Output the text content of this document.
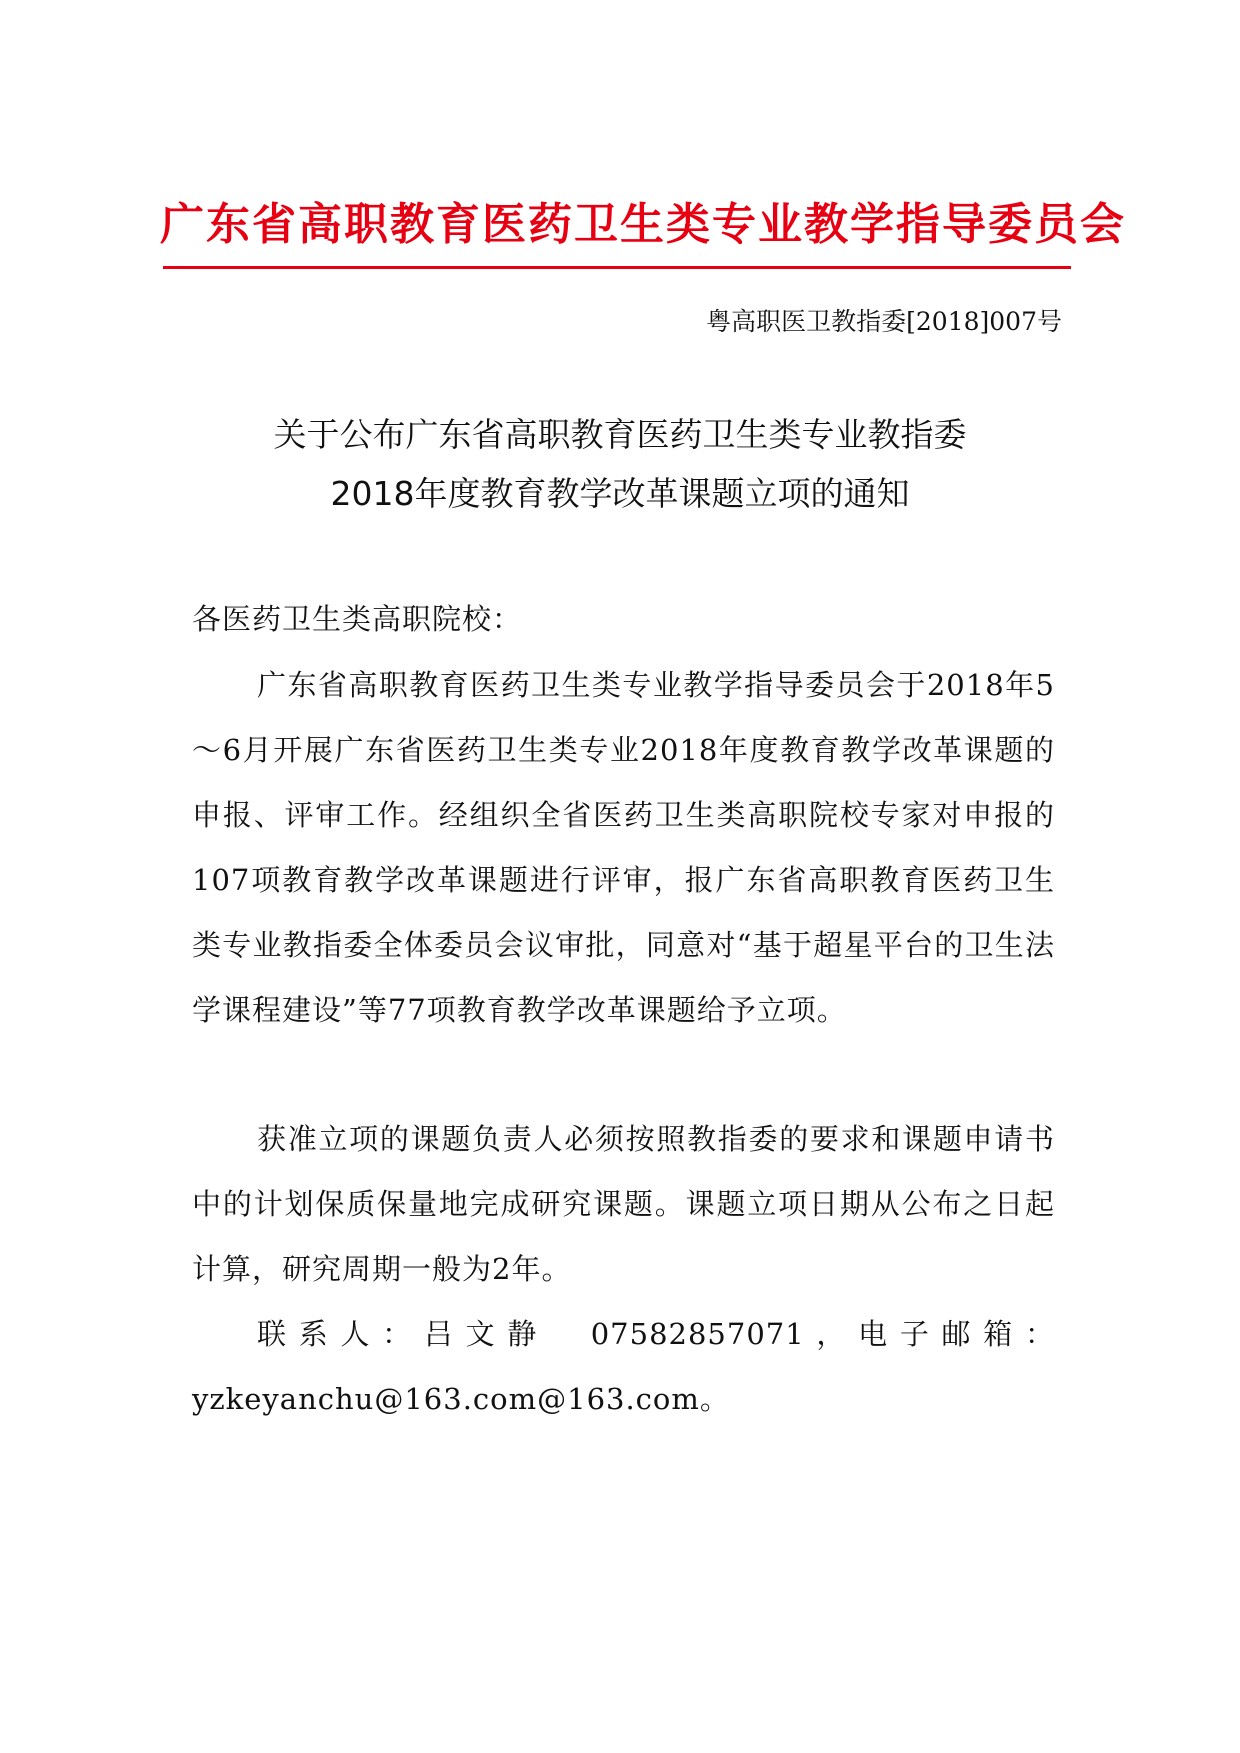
广东省高职教育医药卫生类专业教学指导委员会
粤高职医卫教指委[2018]007号
关于公布广东省高职教育医药卫生类专业教指委
2018年度教育教学改革课题立项的通知
各医药卫生类高职院校：
广东省高职教育医药卫生类专业教学指导委员会于2018年5～6月开展广东省医药卫生类专业2018年度教育教学改革课题的申报、评审工作。经组织全省医药卫生类高职院校专家对申报的107项教育教学改革课题进行评审，报广东省高职教育医药卫生类专业教指委全体委员会议审批，同意对“基于超星平台的卫生法学课程建设”等77项教育教学改革课题给予立项。
获准立项的课题负责人必须按照教指委的要求和课题申请书中的计划保质保量地完成研究课题。课题立项日期从公布之日起计算，研究周期一般为2年。
联系人：吕文静　07582857071，电子邮箱：yzkeyanchu@163.com@163.com。
